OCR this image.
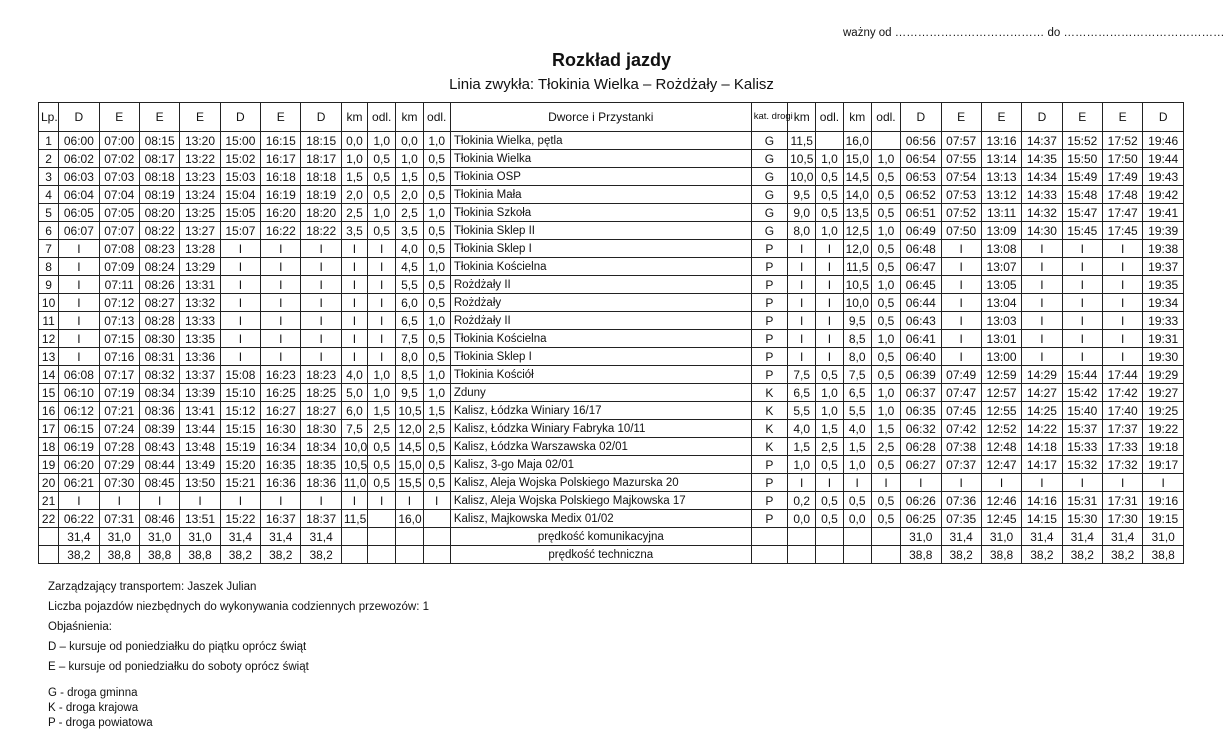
ważny od ………………………………… do ……………………………………
Rozkład jazdy
Linia zwykła: Tłokinia Wielka – Rożdżały – Kalisz
Lp.	D	E	E	E	D	E	D	km	odl.	km	odl.	Dworce i Przystanki	kat. drogi	km	odl.	km	odl.	D	E	E	D	E	E	D
1	06:00	07:00	08:15	13:20	15:00	16:15	18:15	0,0	1,0	0,0	1,0	Tłokinia Wielka, pętla	G	11,5		16,0		06:56	07:57	13:16	14:37	15:52	17:52	19:46
2	06:02	07:02	08:17	13:22	15:02	16:17	18:17	1,0	0,5	1,0	0,5	Tłokinia Wielka	G	10,5	1,0	15,0	1,0	06:54	07:55	13:14	14:35	15:50	17:50	19:44
3	06:03	07:03	08:18	13:23	15:03	16:18	18:18	1,5	0,5	1,5	0,5	Tłokinia OSP	G	10,0	0,5	14,5	0,5	06:53	07:54	13:13	14:34	15:49	17:49	19:43
4	06:04	07:04	08:19	13:24	15:04	16:19	18:19	2,0	0,5	2,0	0,5	Tłokinia Mała	G	9,5	0,5	14,0	0,5	06:52	07:53	13:12	14:33	15:48	17:48	19:42
5	06:05	07:05	08:20	13:25	15:05	16:20	18:20	2,5	1,0	2,5	1,0	Tłokinia Szkoła	G	9,0	0,5	13,5	0,5	06:51	07:52	13:11	14:32	15:47	17:47	19:41
6	06:07	07:07	08:22	13:27	15:07	16:22	18:22	3,5	0,5	3,5	0,5	Tłokinia Sklep II	G	8,0	1,0	12,5	1,0	06:49	07:50	13:09	14:30	15:45	17:45	19:39
7	I	07:08	08:23	13:28	I	I	I	I	I	4,0	0,5	Tłokinia Sklep I	P	I	I	12,0	0,5	06:48	I	13:08	I	I	I	19:38
8	I	07:09	08:24	13:29	I	I	I	I	I	4,5	1,0	Tłokinia Kościelna	P	I	I	11,5	0,5	06:47	I	13:07	I	I	I	19:37
9	I	07:11	08:26	13:31	I	I	I	I	I	5,5	0,5	Rożdżały II	P	I	I	10,5	1,0	06:45	I	13:05	I	I	I	19:35
10	I	07:12	08:27	13:32	I	I	I	I	I	6,0	0,5	Rożdżały	P	I	I	10,0	0,5	06:44	I	13:04	I	I	I	19:34
11	I	07:13	08:28	13:33	I	I	I	I	I	6,5	1,0	Rożdżały II	P	I	I	9,5	0,5	06:43	I	13:03	I	I	I	19:33
12	I	07:15	08:30	13:35	I	I	I	I	I	7,5	0,5	Tłokinia Kościelna	P	I	I	8,5	1,0	06:41	I	13:01	I	I	I	19:31
13	I	07:16	08:31	13:36	I	I	I	I	I	8,0	0,5	Tłokinia Sklep I	P	I	I	8,0	0,5	06:40	I	13:00	I	I	I	19:30
14	06:08	07:17	08:32	13:37	15:08	16:23	18:23	4,0	1,0	8,5	1,0	Tłokinia Kościół	P	7,5	0,5	7,5	0,5	06:39	07:49	12:59	14:29	15:44	17:44	19:29
15	06:10	07:19	08:34	13:39	15:10	16:25	18:25	5,0	1,0	9,5	1,0	Zduny	K	6,5	1,0	6,5	1,0	06:37	07:47	12:57	14:27	15:42	17:42	19:27
16	06:12	07:21	08:36	13:41	15:12	16:27	18:27	6,0	1,5	10,5	1,5	Kalisz, Łódzka Winiary 16/17	K	5,5	1,0	5,5	1,0	06:35	07:45	12:55	14:25	15:40	17:40	19:25
17	06:15	07:24	08:39	13:44	15:15	16:30	18:30	7,5	2,5	12,0	2,5	Kalisz, Łódzka Winiary Fabryka 10/11	K	4,0	1,5	4,0	1,5	06:32	07:42	12:52	14:22	15:37	17:37	19:22
18	06:19	07:28	08:43	13:48	15:19	16:34	18:34	10,0	0,5	14,5	0,5	Kalisz, Łódzka Warszawska 02/01	K	1,5	2,5	1,5	2,5	06:28	07:38	12:48	14:18	15:33	17:33	19:18
19	06:20	07:29	08:44	13:49	15:20	16:35	18:35	10,5	0,5	15,0	0,5	Kalisz, 3-go Maja 02/01	P	1,0	0,5	1,0	0,5	06:27	07:37	12:47	14:17	15:32	17:32	19:17
20	06:21	07:30	08:45	13:50	15:21	16:36	18:36	11,0	0,5	15,5	0,5	Kalisz, Aleja Wojska Polskiego Mazurska 20	P	I	I	I	I	I	I	I	I	I	I	I
21	I	I	I	I	I	I	I	I	I	I	I	Kalisz, Aleja Wojska Polskiego Majkowska 17	P	0,2	0,5	0,5	0,5	06:26	07:36	12:46	14:16	15:31	17:31	19:16
22	06:22	07:31	08:46	13:51	15:22	16:37	18:37	11,5		16,0		Kalisz, Majkowska Medix 01/02	P	0,0	0,5	0,0	0,5	06:25	07:35	12:45	14:15	15:30	17:30	19:15
	31,4	31,0	31,0	31,0	31,4	31,4	31,4					prędkość komunikacyjna						31,0	31,4	31,0	31,4	31,4	31,4	31,0
	38,2	38,8	38,8	38,8	38,2	38,2	38,2					prędkość techniczna						38,8	38,2	38,8	38,2	38,2	38,2	38,8
Zarządzający transportem: Jaszek Julian
Liczba pojazdów niezbędnych do wykonywania codziennych przewozów: 1
Objaśnienia:
D – kursuje od poniedziałku do piątku oprócz świąt
E – kursuje od poniedziałku do soboty oprócz świąt
G - droga gminna
K - droga krajowa
P - droga powiatowa
